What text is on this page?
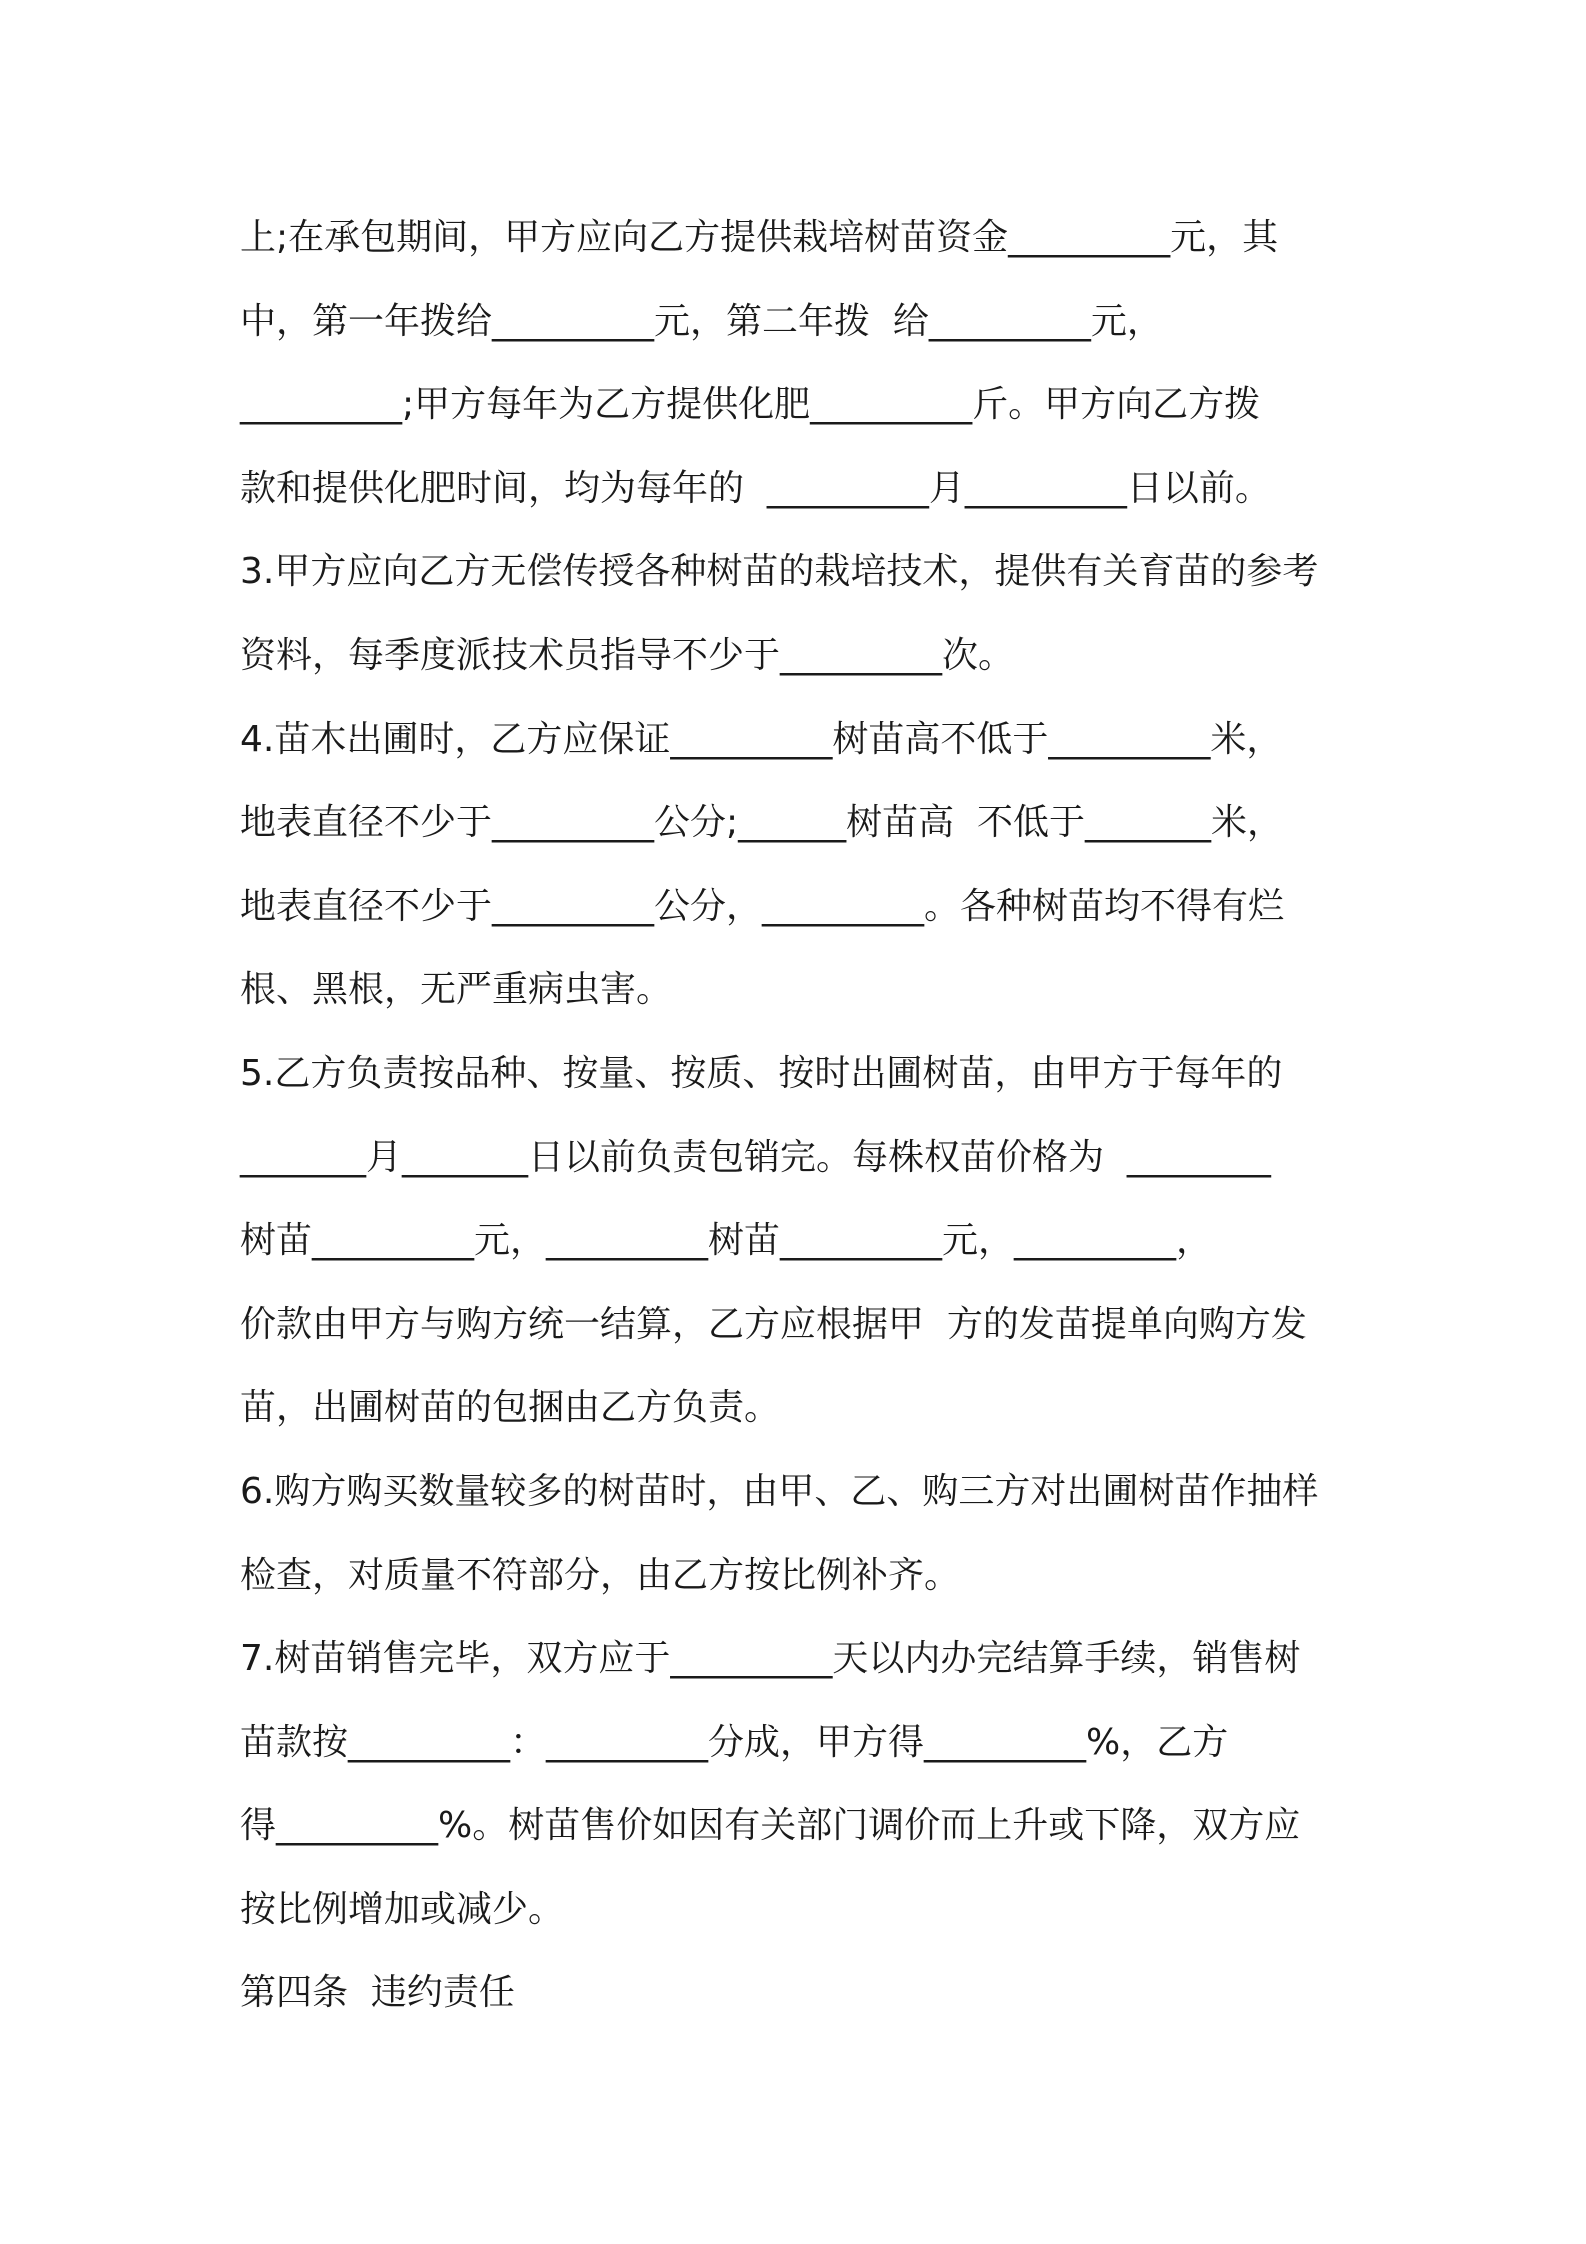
上;在承包期间，甲方应向乙方提供栽培树苗资金_________元，其
中，第一年拨给_________元，第二年拨  给_________元，
_________;甲方每年为乙方提供化肥_________斤。甲方向乙方拨
款和提供化肥时间，均为每年的  _________月_________日以前。
3.甲方应向乙方无偿传授各种树苗的栽培技术，提供有关育苗的参考
资料，每季度派技术员指导不少于_________次。
4.苗木出圃时，乙方应保证_________树苗高不低于_________米，
地表直径不少于_________公分;______树苗高  不低于_______米，
地表直径不少于_________公分，_________。各种树苗均不得有烂
根、黑根，无严重病虫害。
5.乙方负责按品种、按量、按质、按时出圃树苗，由甲方于每年的
_______月_______日以前负责包销完。每株权苗价格为  ________
树苗_________元，_________树苗_________元，_________，
价款由甲方与购方统一结算，乙方应根据甲  方的发苗提单向购方发
苗，出圃树苗的包捆由乙方负责。
6.购方购买数量较多的树苗时，由甲、乙、购三方对出圃树苗作抽样
检查，对质量不符部分，由乙方按比例补齐。
7.树苗销售完毕，双方应于_________天以内办完结算手续，销售树
苗款按_________：_________分成，甲方得_________%，乙方
得_________%。树苗售价如因有关部门调价而上升或下降，双方应
按比例增加或减少。
第四条  违约责任
